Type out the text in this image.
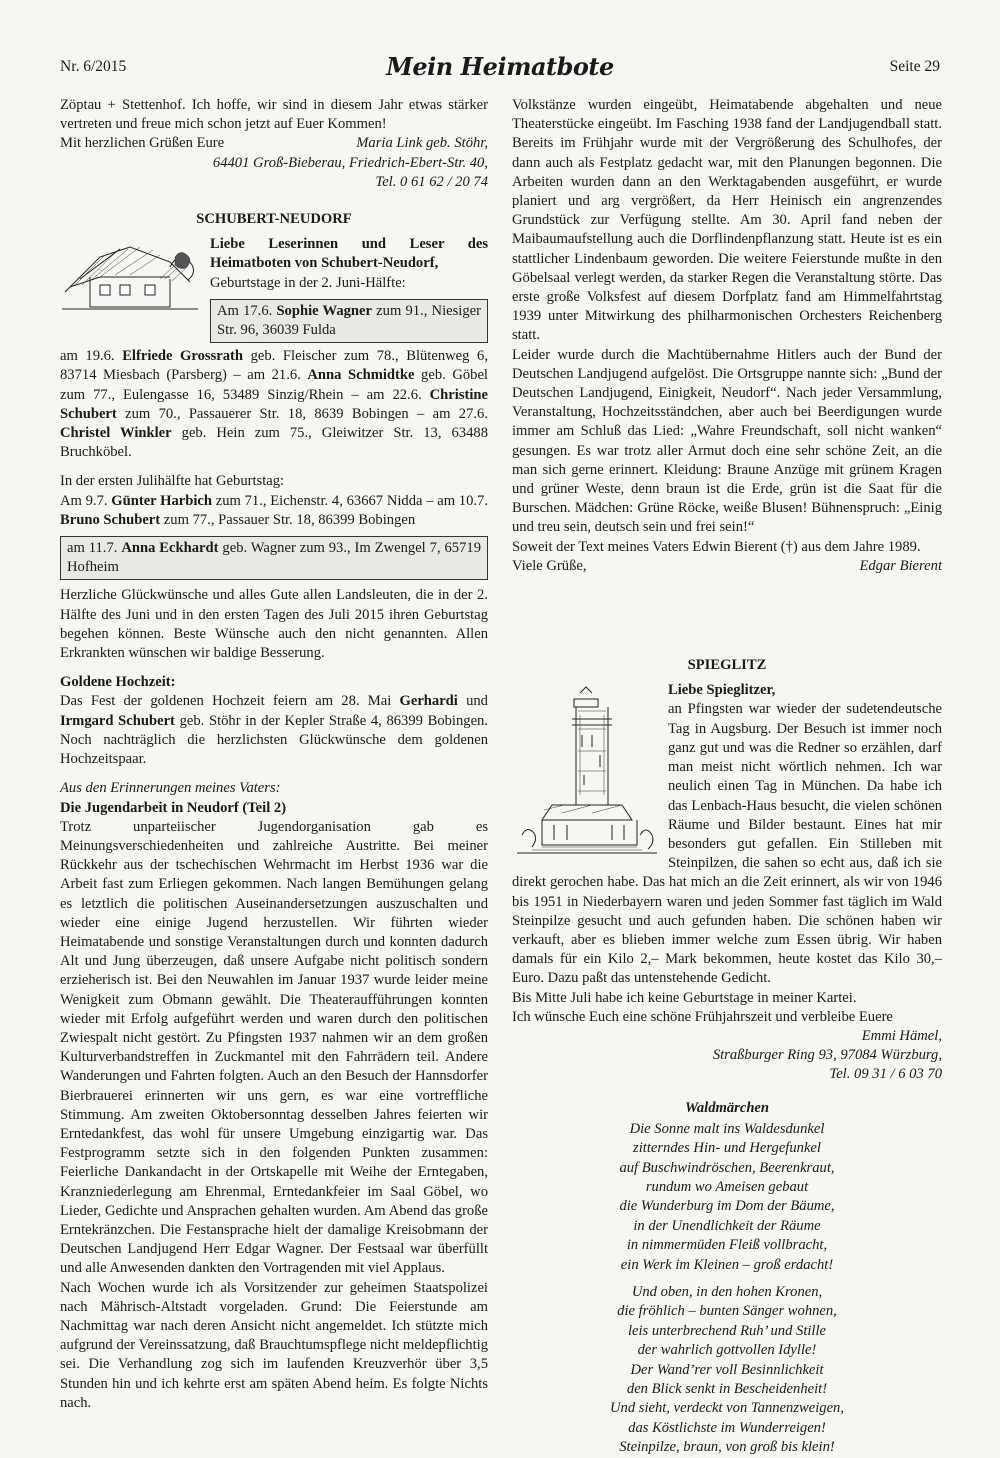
Nr. 6/2015	Mein Heimatbote	Seite 29

Zöptau + Stettenhof. Ich hoffe, wir sind in diesem Jahr etwas stärker vertreten und freue mich schon jetzt auf Euer Kommen!

Mit herzlichen Grüßen Eure	Maria Link geb. Stöhr,

64401 Groß-Bieberau, Friedrich-Ebert-Str. 40,

Tel. 0 61 62 / 20 74

SCHUBERT-NEUDORF

Liebe Leserinnen und Leser des Heimatboten von Schubert-Neudorf,

Geburtstage in der 2. Juni-Hälfte:

Am 17.6. Sophie Wagner zum 91., Niesiger Str. 96, 36039 Fulda

am 19.6. Elfriede Grossrath geb. Fleischer zum 78., Blütenweg 6, 83714 Miesbach (Parsberg) – am 21.6. Anna Schmidtke geb. Göbel zum 77., Eulengasse 16, 53489 Sinzig/Rhein – am 22.6. Christine Schubert zum 70., Passauerer Str. 18, 8639 Bobingen – am 27.6. Christel Winkler geb. Hein zum 75., Gleiwitzer Str. 13, 63488 Bruchköbel.

In der ersten Julihälfte hat Geburtstag:

Am 9.7. Günter Harbich zum 71., Eichenstr. 4, 63667 Nidda – am 10.7. Bruno Schubert zum 77., Passauer Str. 18, 86399 Bobingen

am 11.7. Anna Eckhardt geb. Wagner zum 93., Im Zwengel 7, 65719 Hofheim

Herzliche Glückwünsche und alles Gute allen Landsleuten, die in der 2. Hälfte des Juni und in den ersten Tagen des Juli 2015 ihren Geburtstag begehen können. Beste Wünsche auch den nicht genannten. Allen Erkrankten wünschen wir baldige Besserung.

Goldene Hochzeit:

Das Fest der goldenen Hochzeit feiern am 28. Mai Gerhardi und Irmgard Schubert geb. Stöhr in der Kepler Straße 4, 86399 Bobingen. Noch nachträglich die herzlichsten Glückwünsche dem goldenen Hochzeitspaar.

Aus den Erinnerungen meines Vaters:

Die Jugendarbeit in Neudorf (Teil 2)

Trotz unparteiischer Jugendorganisation gab es Meinungsverschiedenheiten und zahlreiche Austritte. Bei meiner Rückkehr aus der tschechischen Wehrmacht im Herbst 1936 war die Arbeit fast zum Erliegen gekommen. Nach langen Bemühungen gelang es letztlich die politischen Auseinandersetzungen auszuschalten und wieder eine einige Jugend herzustellen. Wir führten wieder Heimatabende und sonstige Veranstaltungen durch und konnten dadurch Alt und Jung überzeugen, daß unsere Aufgabe nicht politisch sondern erzieherisch ist. Bei den Neuwahlen im Januar 1937 wurde leider meine Wenigkeit zum Obmann gewählt. Die Theateraufführungen konnten wieder mit Erfolg aufgeführt werden und waren durch den politischen Zwiespalt nicht gestört. Zu Pfingsten 1937 nahmen wir an dem großen Kulturverbandstreffen in Zuckmantel mit den Fahrrädern teil. Andere Wanderungen und Fahrten folgten. Auch an den Besuch der Hannsdorfer Bierbrauerei erinnerten wir uns gern, es war eine vortreffliche Stimmung. Am zweiten Oktobersonntag desselben Jahres feierten wir Erntedankfest, das wohl für unsere Umgebung einzigartig war. Das Festprogramm setzte sich in den folgenden Punkten zusammen: Feierliche Dankandacht in der Ortskapelle mit Weihe der Erntegaben, Kranzniederlegung am Ehrenmal, Erntedankfeier im Saal Göbel, wo Lieder, Gedichte und Ansprachen gehalten wurden. Am Abend das große Erntekränzchen. Die Festansprache hielt der damalige Kreisobmann der Deutschen Landjugend Herr Edgar Wagner. Der Festsaal war überfüllt und alle Anwesenden dankten den Vortragenden mit viel Applaus.

Nach Wochen wurde ich als Vorsitzender zur geheimen Staatspolizei nach Mährisch-Altstadt vorgeladen. Grund: Die Feierstunde am Nachmittag war nach deren Ansicht nicht angemeldet. Ich stützte mich aufgrund der Vereinssatzung, daß Brauchtumspflege nicht meldepflichtig sei. Die Verhandlung zog sich im laufenden Kreuzverhör über 3,5 Stunden hin und ich kehrte erst am späten Abend heim. Es folgte Nichts nach.

Volkstänze wurden eingeübt, Heimatabende abgehalten und neue Theaterstücke eingeübt. Im Fasching 1938 fand der Landjugendball statt. Bereits im Frühjahr wurde mit der Vergrößerung des Schulhofes, der dann auch als Festplatz gedacht war, mit den Planungen begonnen. Die Arbeiten wurden dann an den Werktagabenden ausgeführt, er wurde planiert und arg vergrößert, da Herr Heinisch ein angrenzendes Grundstück zur Verfügung stellte. Am 30. April fand neben der Maibaumaufstellung auch die Dorflindenpflanzung statt. Heute ist es ein stattlicher Lindenbaum geworden. Die weitere Feierstunde mußte in den Göbelsaal verlegt werden, da starker Regen die Veranstaltung störte. Das erste große Volksfest auf diesem Dorfplatz fand am Himmelfahrtstag 1939 unter Mitwirkung des philharmonischen Orchesters Reichenberg statt.

Leider wurde durch die Machtübernahme Hitlers auch der Bund der Deutschen Landjugend aufgelöst. Die Ortsgruppe nannte sich: „Bund der Deutschen Landjugend, Einigkeit, Neudorf“. Nach jeder Versammlung, Veranstaltung, Hochzeitsständchen, aber auch bei Beerdigungen wurde immer am Schluß das Lied: „Wahre Freundschaft, soll nicht wanken“ gesungen. Es war trotz aller Armut doch eine sehr schöne Zeit, an die man sich gerne erinnert. Kleidung: Braune Anzüge mit grünem Kragen und grüner Weste, denn braun ist die Erde, grün ist die Saat für die Burschen. Mädchen: Grüne Röcke, weiße Blusen! Bühnenspruch: „Einig und treu sein, deutsch sein und frei sein!“

Soweit der Text meines Vaters Edwin Bierent (†) aus dem Jahre 1989.

Viele Grüße,	Edgar Bierent
SPIEGLITZ

Liebe Spieglitzer,

an Pfingsten war wieder der sudetendeutsche Tag in Augsburg. Der Besuch ist immer noch ganz gut und was die Redner so erzählen, darf man meist nicht wörtlich nehmen. Ich war neulich einen Tag in München. Da habe ich das Lenbach-Haus besucht, die vielen schönen Räume und Bilder bestaunt. Eines hat mir besonders gut gefallen. Ein Stilleben mit Steinpilzen, die sahen so echt aus, daß ich sie direkt gerochen habe. Das hat mich an die Zeit erinnert, als wir von 1946 bis 1951 in Niederbayern waren und jeden Sommer fast täglich im Wald Steinpilze gesucht und auch gefunden haben. Die schönen haben wir verkauft, aber es blieben immer welche zum Essen übrig. Wir haben damals für ein Kilo 2,– Mark bekommen, heute kostet das Kilo 30,– Euro. Dazu paßt das untenstehende Gedicht.

Bis Mitte Juli habe ich keine Geburtstage in meiner Kartei.

Ich wünsche Euch eine schöne Frühjahrszeit und verbleibe Euere

Emmi Hämel,

Straßburger Ring 93, 97084 Würzburg,

Tel. 09 31 / 6 03 70

Waldmärchen
Die Sonne malt ins Waldesdunkel
zitterndes Hin- und Hergefunkel
auf Buschwindröschen, Beerenkraut,
rundum wo Ameisen gebaut
die Wunderburg im Dom der Bäume,
in der Unendlichkeit der Räume
in nimmermüden Fleiß vollbracht,
ein Werk im Kleinen – groß erdacht!
Und oben, in den hohen Kronen,
die fröhlich – bunten Sänger wohnen,
leis unterbrechend Ruh’ und Stille
der wahrlich gottvollen Idylle!
Der Wand’rer voll Besinnlichkeit
den Blick senkt in Bescheidenheit!
Und sieht, verdeckt von Tannenzweigen,
das Köstlichste im Wunderreigen!
Steinpilze, braun, von groß bis klein!
